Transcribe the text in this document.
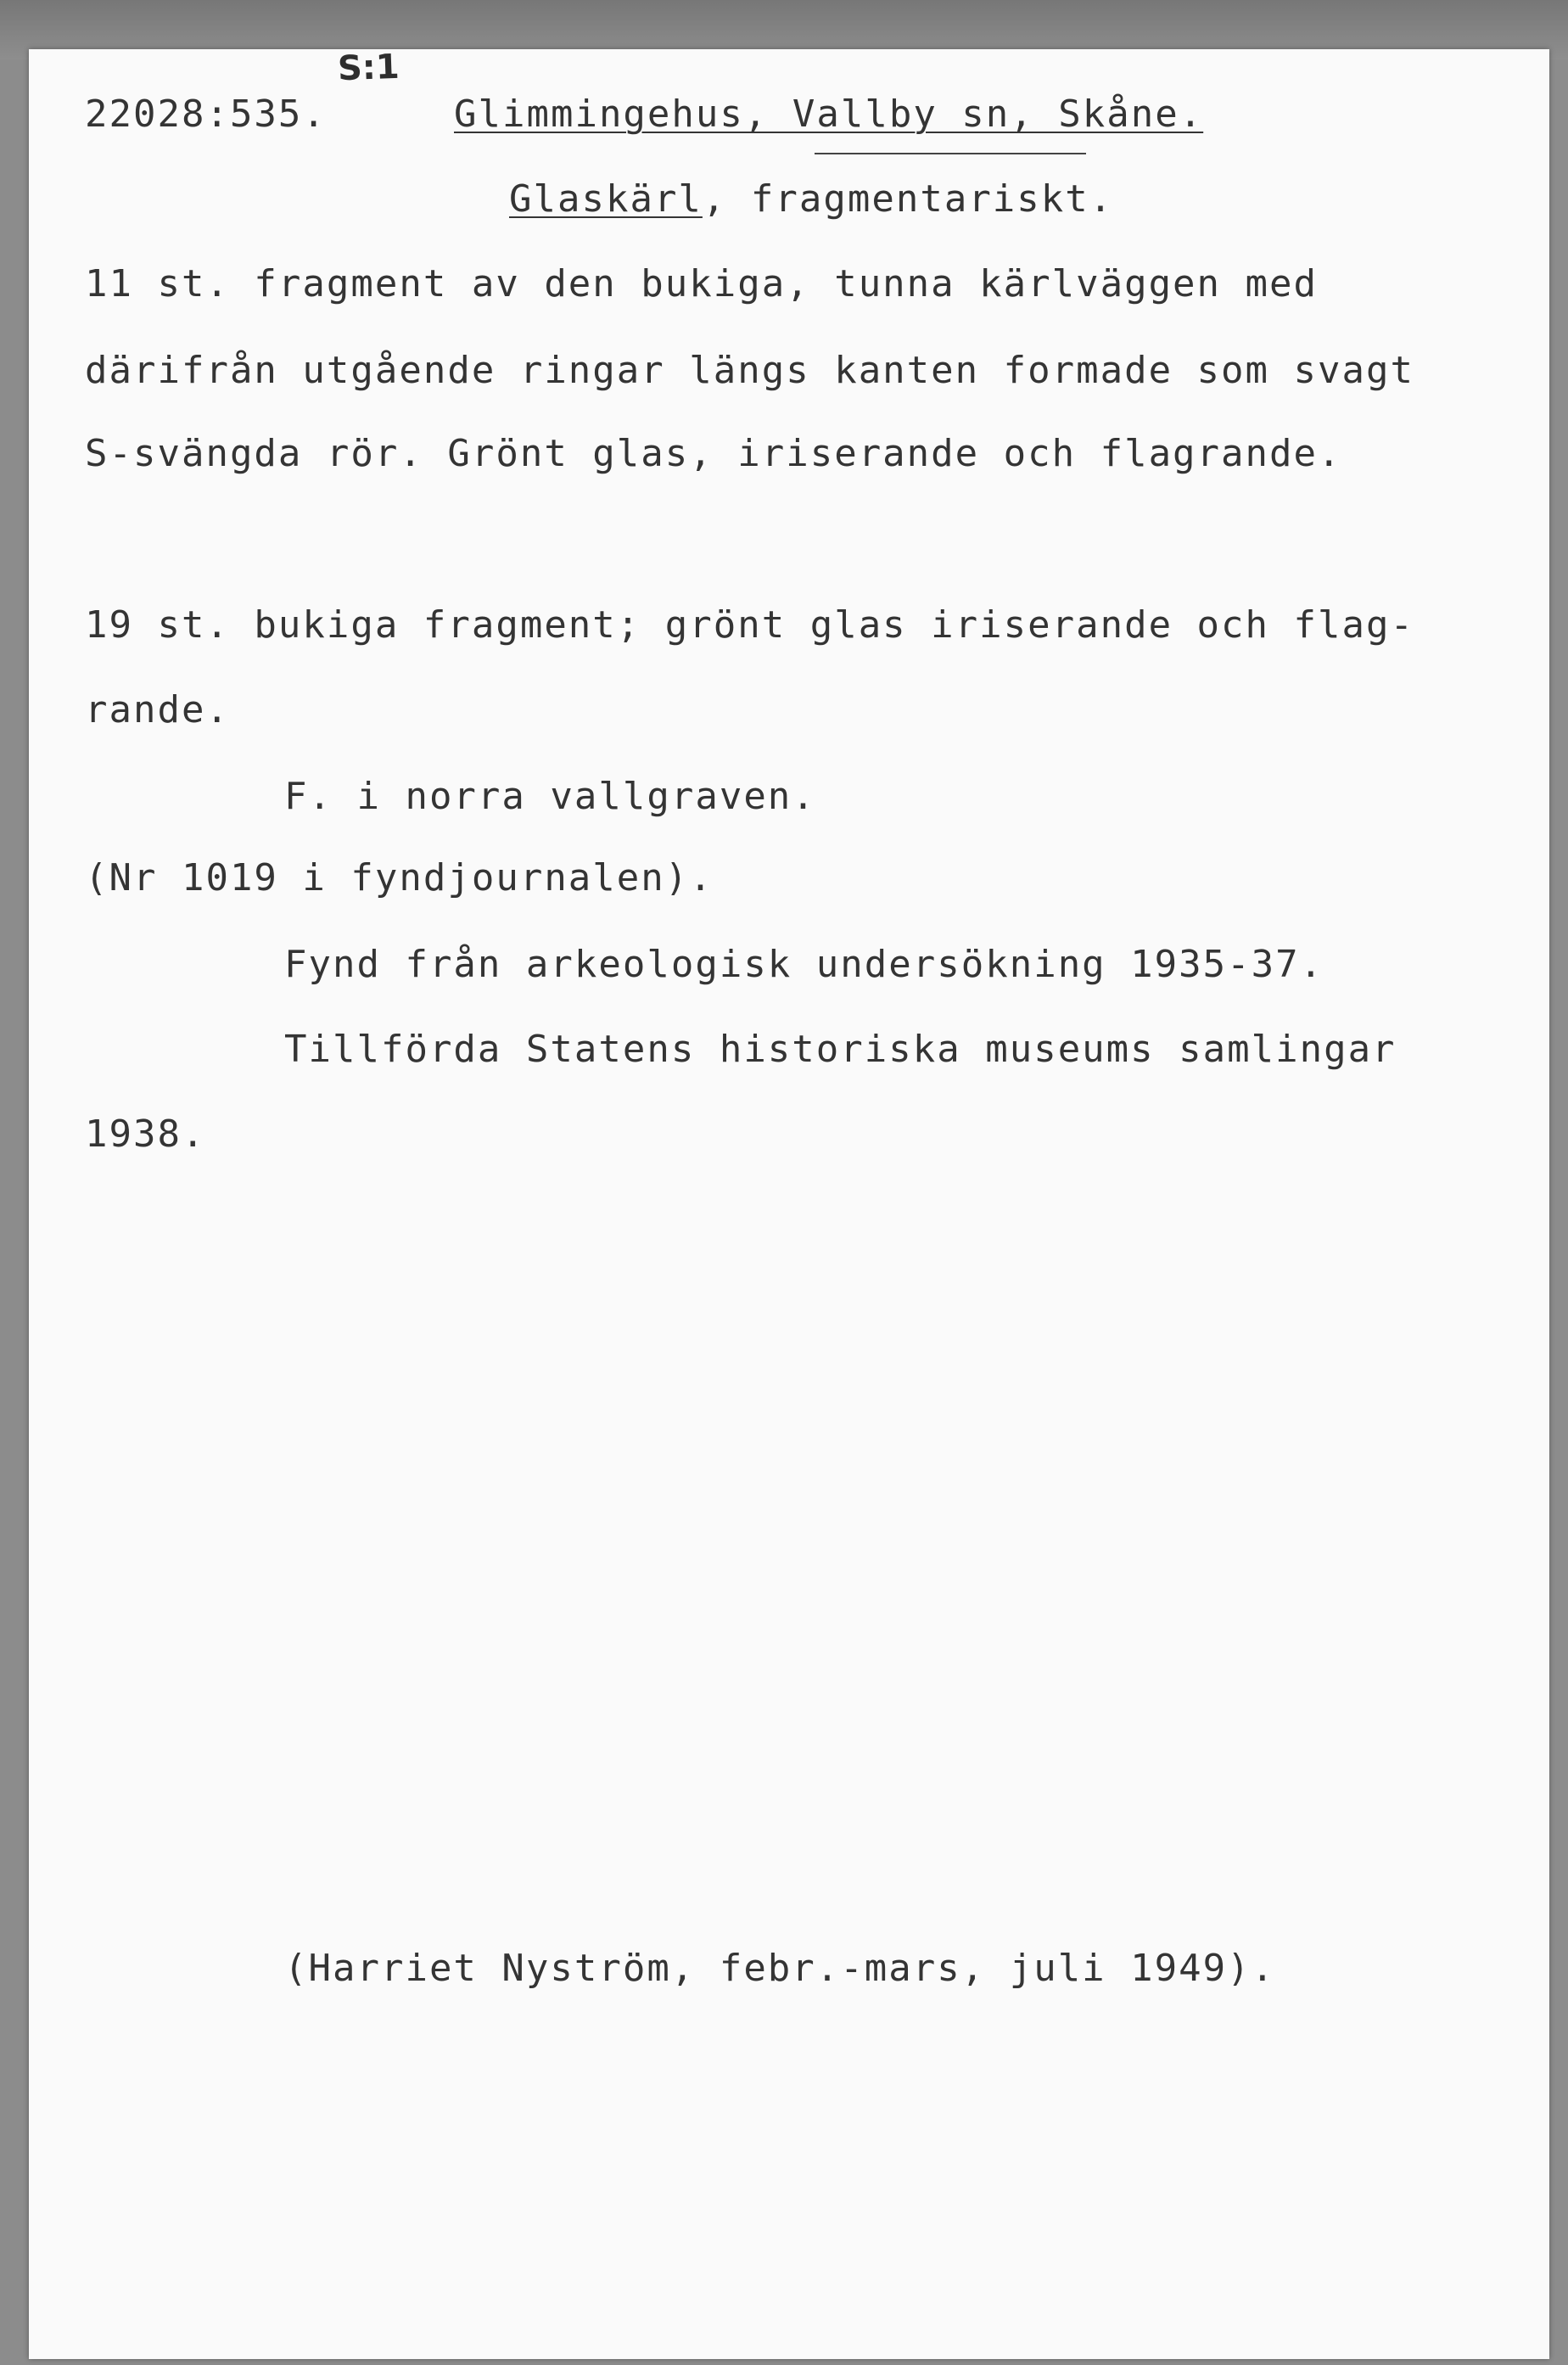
S:1
22028:535.	Glimmingehus, Vallby sn, Skåne.
Glaskärl, fragmentariskt.
11 st. fragment av den bukiga, tunna kärlväggen med
därifrån utgående ringar längs kanten formade som svagt
S-svängda rör. Grönt glas, iriserande och flagrande.
19 st. bukiga fragment; grönt glas iriserande och flag-
rande.
F. i norra vallgraven.
(Nr 1019 i fyndjournalen).
Fynd från arkeologisk undersökning 1935-37.
Tillförda Statens historiska museums samlingar
1938.
(Harriet Nyström, febr.-mars, juli 1949).
